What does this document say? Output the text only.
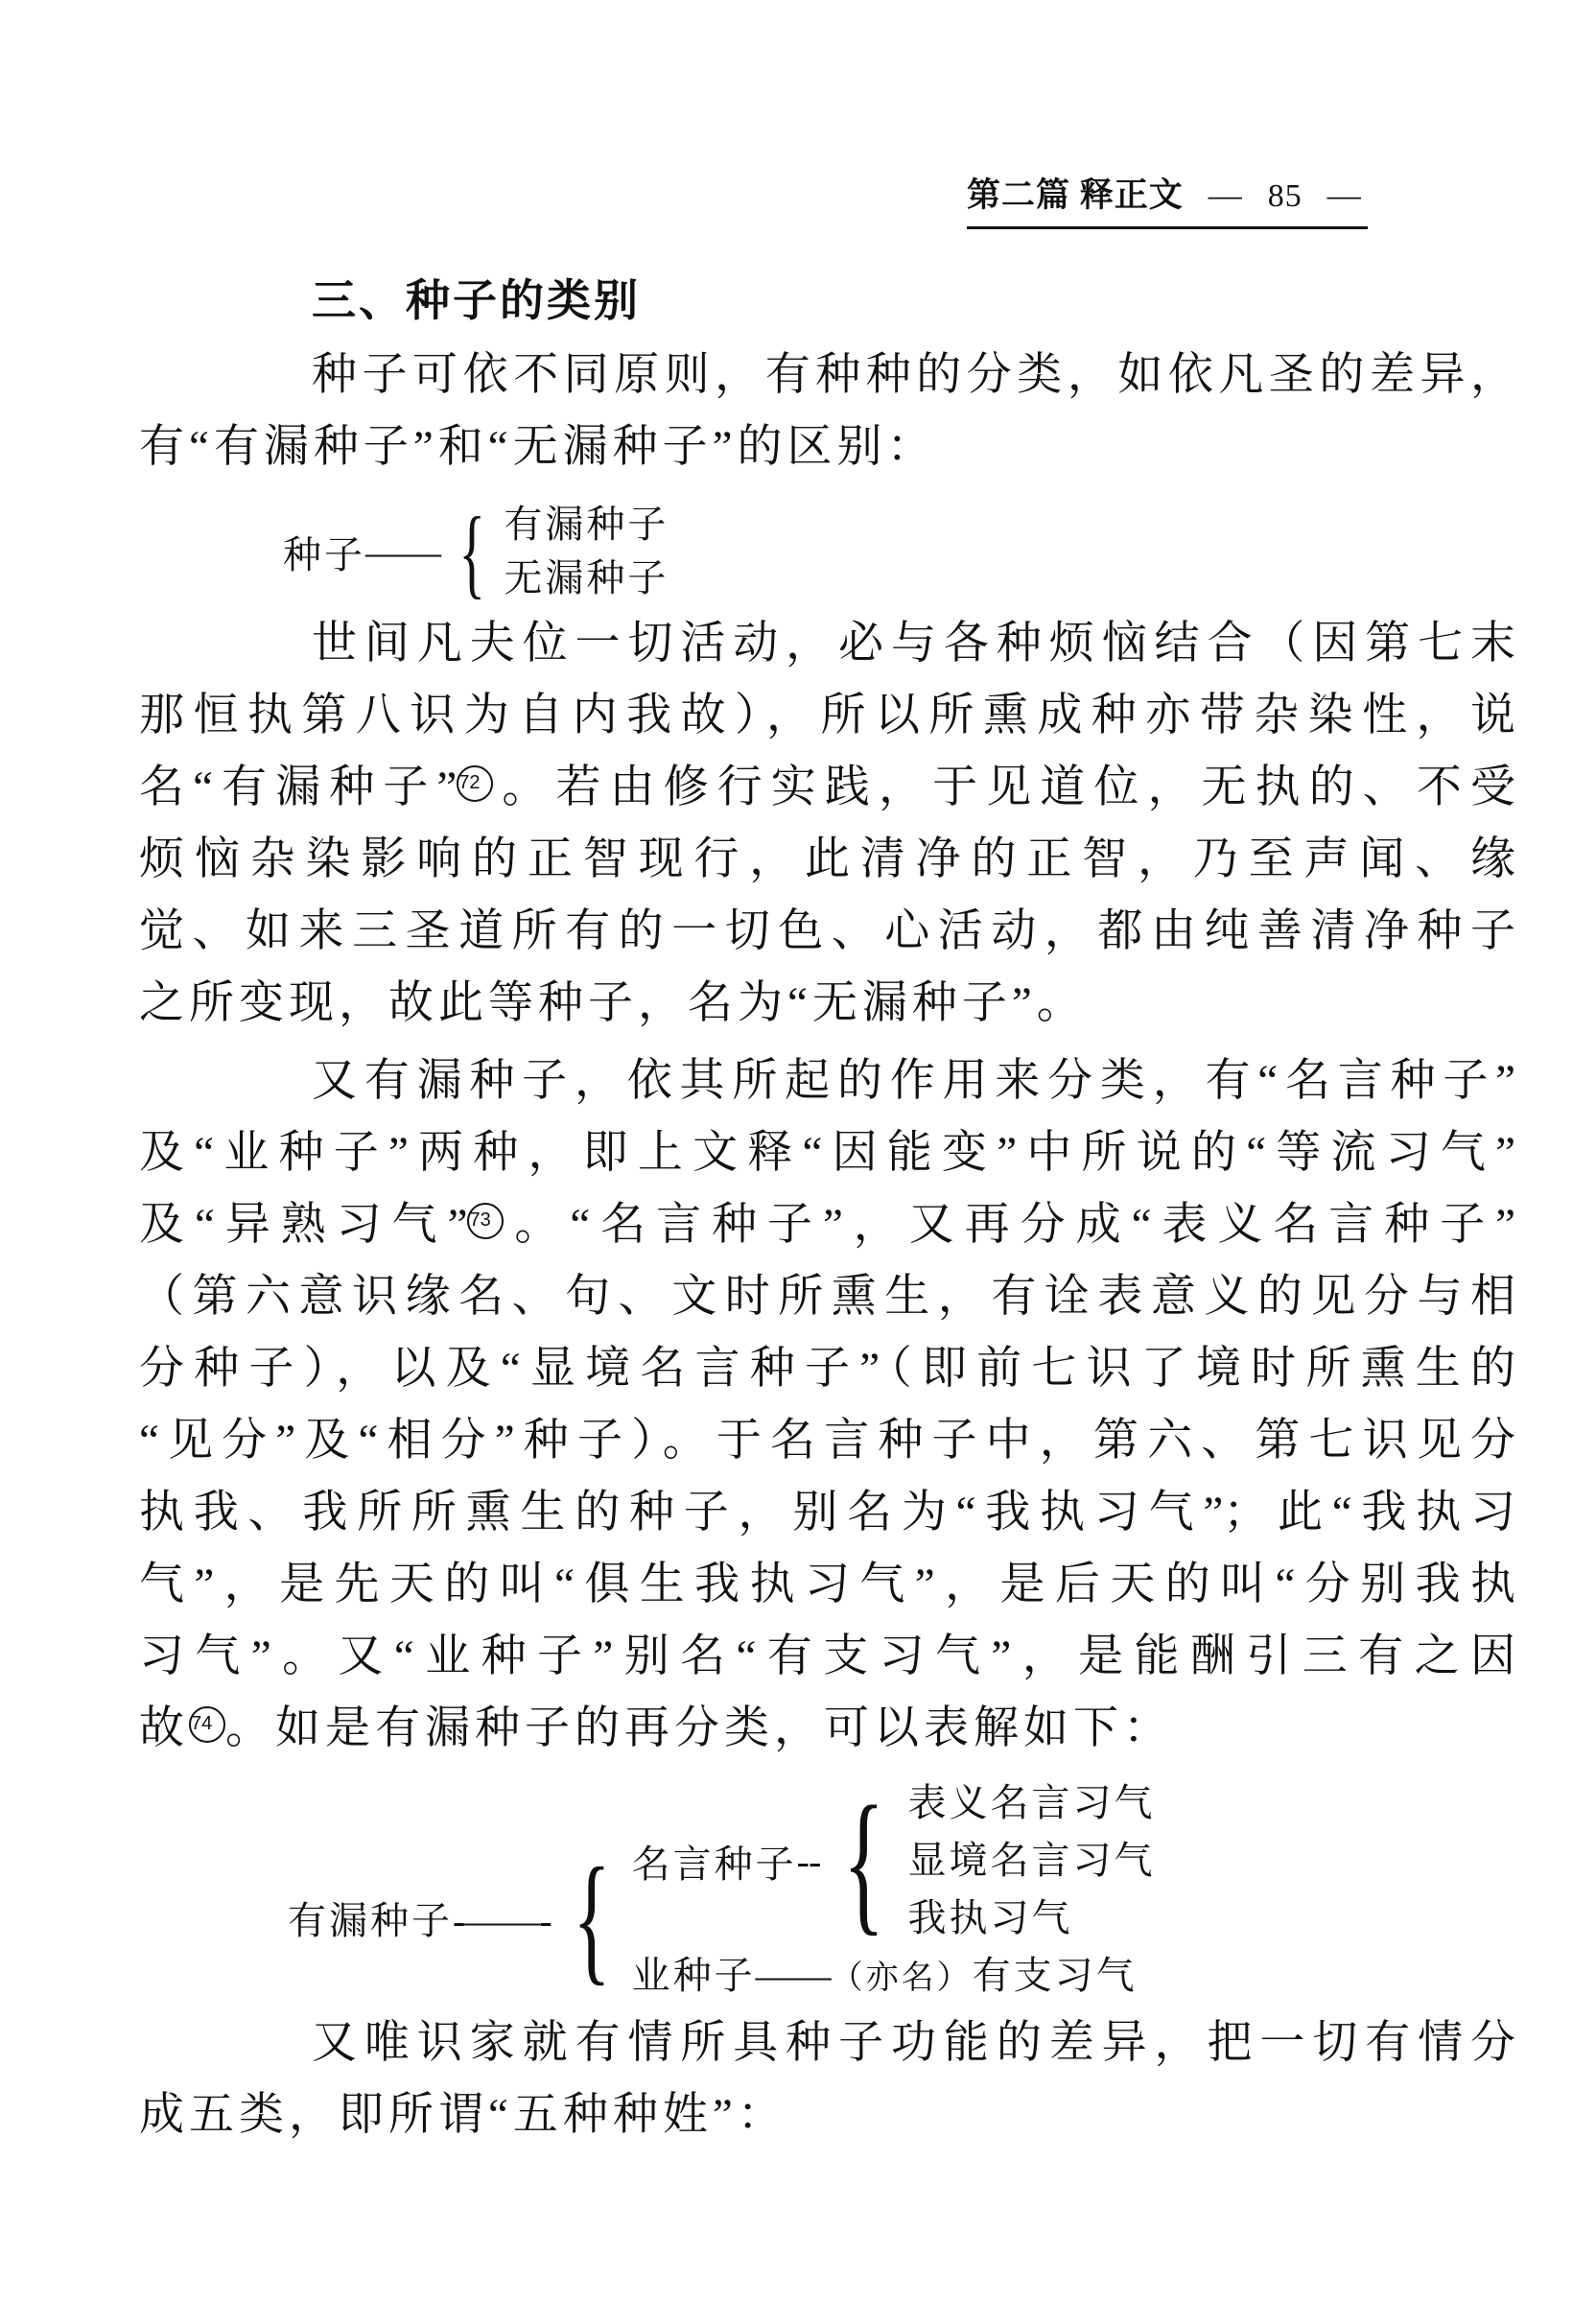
第二篇 释正文 — 85 —
三、种子的类别
种子可依不同原则，有种种的分类，如依凡圣的差异，
有“有漏种子”和“无漏种子”的区别：
种子 —— { 有漏种子
无漏种子
世间凡夫位一切活动，必与各种烦恼结合（因第七末
那恒执第八识为自内我故），所以所熏成种亦带杂染性，说
名“有漏种子” 72 。若由修行实践，于见道位，无执的、不受
烦恼杂染影响的正智现行，此清净的正智，乃至声闻、缘
觉、如来三圣道所有的一切色、心活动，都由纯善清净种子
之所变现，故此等种子，名为“无漏种子”。
又有漏种子，依其所起的作用来分类，有“名言种子”
及“业种子”两种，即上文释“因能变”中所说的“等流习气”
及“异熟习气” 73 。“名言种子”，又再分成“表义名言种子”
（第六意识缘名、句、文时所熏生，有诠表意义的见分与相
分种子），以及“显境名言种子”（即前七识了境时所熏生的
“见分”及“相分”种子）。于名言种子中，第六、第七识见分
执我、我所所熏生的种子，别名为“我执习气”；此“我执习
气”，是先天的叫“俱生我执习气”，是后天的叫“分别我执
习气”。又“业种子”别名“有支习气”，是能酬引三有之因
故 74 。如是有漏种子的再分类，可以表解如下：
有漏种子-——- { 名言种子 -- { 表义名言习气
显境名言习气
我执习气
业种子——（亦名）有支习气
又唯识家就有情所具种子功能的差异，把一切有情分
成五类，即所谓“五种种姓”：
